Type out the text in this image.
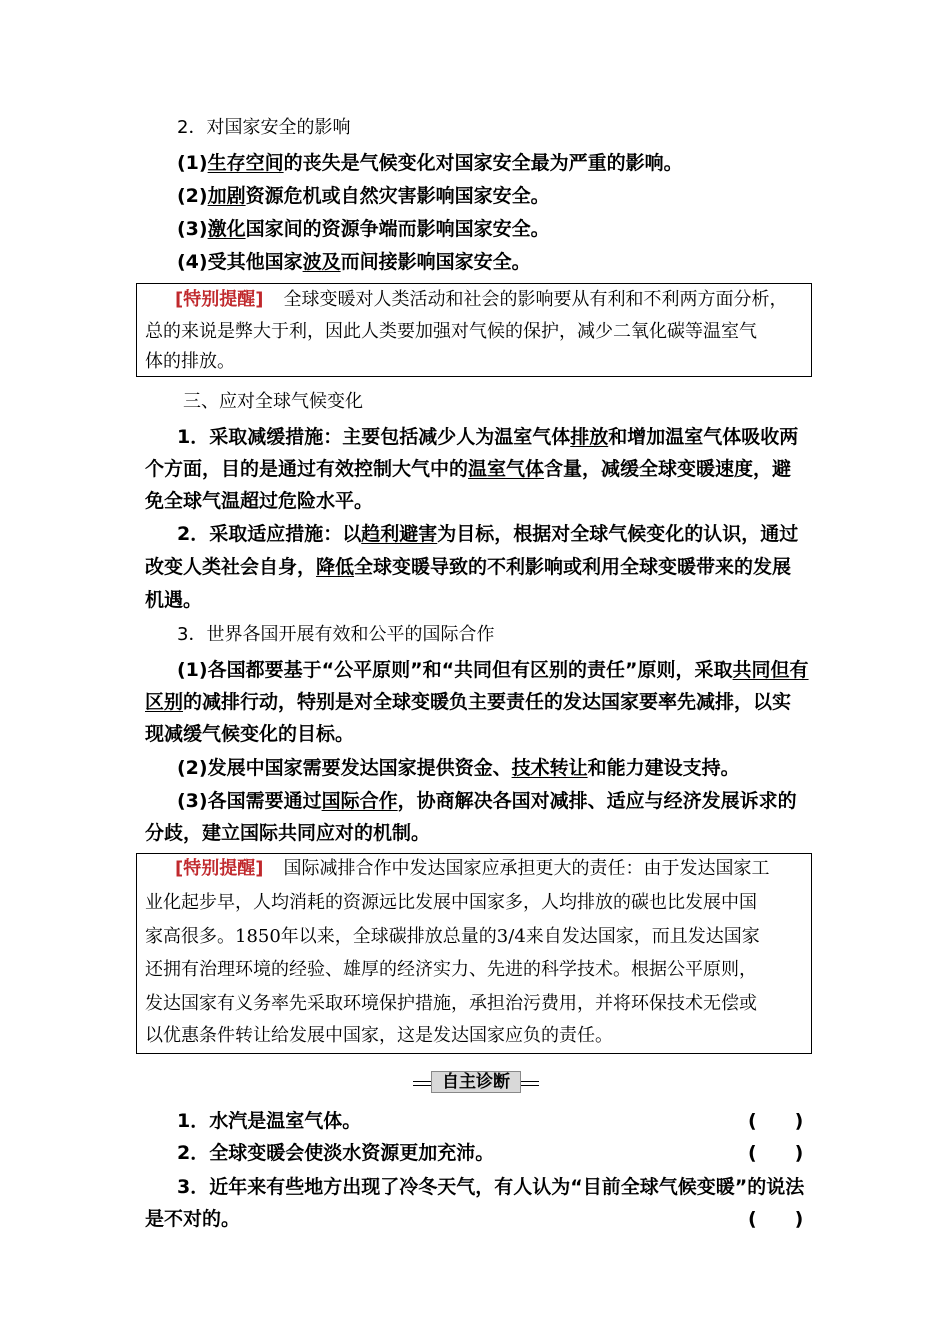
2．对国家安全的影响
(1)生存空间的丧失是气候变化对国家安全最为严重的影响。
(2)加剧资源危机或自然灾害影响国家安全。
(3)激化国家间的资源争端而影响国家安全。
(4)受其他国家波及而间接影响国家安全。
[特别提醒] 全球变暖对人类活动和社会的影响要从有利和不利两方面分析，
总的来说是弊大于利，因此人类要加强对气候的保护，减少二氧化碳等温室气
体的排放。
三、应对全球气候变化
1．采取减缓措施：主要包括减少人为温室气体排放和增加温室气体吸收两
个方面，目的是通过有效控制大气中的温室气体含量，减缓全球变暖速度，避
免全球气温超过危险水平。
2．采取适应措施：以趋利避害为目标，根据对全球气候变化的认识，通过
改变人类社会自身，降低全球变暖导致的不利影响或利用全球变暖带来的发展
机遇。
3．世界各国开展有效和公平的国际合作
(1)各国都要基于“公平原则”和“共同但有区别的责任”原则，采取共同但有
区别的减排行动，特别是对全球变暖负主要责任的发达国家要率先减排，以实
现减缓气候变化的目标。
(2)发展中国家需要发达国家提供资金、技术转让和能力建设支持。
(3)各国需要通过国际合作，协商解决各国对减排、适应与经济发展诉求的
分歧，建立国际共同应对的机制。
[特别提醒] 国际减排合作中发达国家应承担更大的责任：由于发达国家工
业化起步早，人均消耗的资源远比发展中国家多，人均排放的碳也比发展中国
家高很多。1850年以来，全球碳排放总量的3/4来自发达国家，而且发达国家
还拥有治理环境的经验、雄厚的经济实力、先进的科学技术。根据公平原则，
发达国家有义务率先采取环境保护措施，承担治污费用，并将环保技术无偿或
以优惠条件转让给发展中国家，这是发达国家应负的责任。
自主诊断
1．水汽是温室气体。	(　　)
2．全球变暖会使淡水资源更加充沛。	(　　)
3．近年来有些地方出现了冷冬天气，有人认为“目前全球气候变暖”的说法
是不对的。	(　　)
